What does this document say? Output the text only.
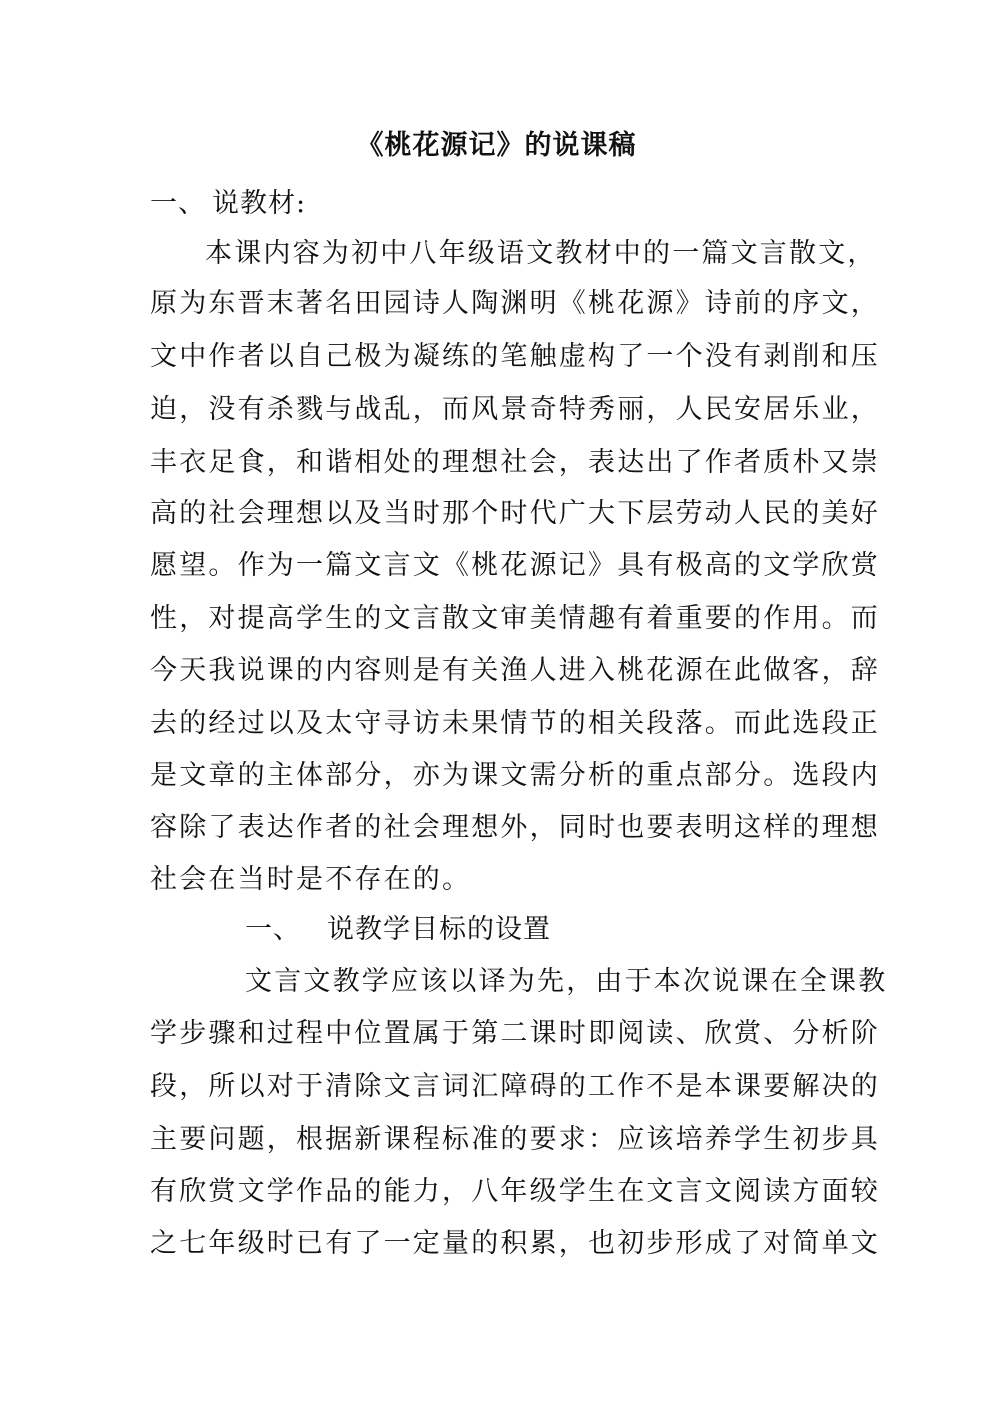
《桃花源记》的说课稿
一、 说教材:
本课内容为初中八年级语文教材中的一篇文言散文，
原为东晋末著名田园诗人陶渊明《桃花源》诗前的序文，
文中作者以自己极为凝练的笔触虚构了一个没有剥削和压
迫，没有杀戮与战乱，而风景奇特秀丽，人民安居乐业，
丰衣足食，和谐相处的理想社会，表达出了作者质朴又崇
高的社会理想以及当时那个时代广大下层劳动人民的美好
愿望。作为一篇文言文《桃花源记》具有极高的文学欣赏
性，对提高学生的文言散文审美情趣有着重要的作用。而
今天我说课的内容则是有关渔人进入桃花源在此做客，辞
去的经过以及太守寻访未果情节的相关段落。而此选段正
是文章的主体部分，亦为课文需分析的重点部分。选段内
容除了表达作者的社会理想外，同时也要表明这样的理想
社会在当时是不存在的。
一、 说教学目标的设置
文言文教学应该以译为先，由于本次说课在全课教
学步骤和过程中位置属于第二课时即阅读、欣赏、分析阶
段，所以对于清除文言词汇障碍的工作不是本课要解决的
主要问题，根据新课程标准的要求：应该培养学生初步具
有欣赏文学作品的能力，八年级学生在文言文阅读方面较
之七年级时已有了一定量的积累，也初步形成了对简单文
